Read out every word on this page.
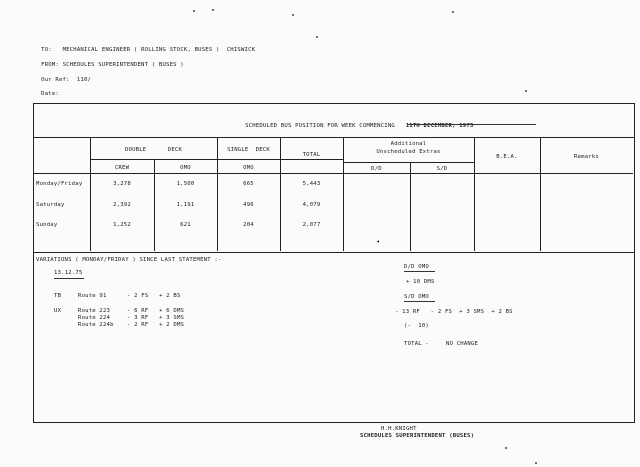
TO: MECHANICAL ENGINEER ( ROLLING STOCK, BUSES )  CHISWICK

FROM: SCHEDULES SUPERINTENDENT ( BUSES )

Our Ref: 110/

Date:

SCHEDULED BUS POSITION FOR WEEK COMMENCING 11TH DECEMBER, 1975

DOUBLE      DECK	SINGLE  DECK
TOTAL
Additional
Unscheduled Extras
B.E.A.	Remarks
CREW	OMO	OMO	D/D	S/D
Monday/Friday	3,278	1,500	665	5,443
Saturday	2,392	1,191	496	4,079
Sunday	1,252	621	204	2,077
◂
VARIATIONS ( MONDAY/FRIDAY ) SINCE LAST STATEMENT :-
13.12.75
TB	Route 91	- 2 FS   + 2 BS
UX	Route 223	- 6 RF   + 6 DMS
Route 224	- 3 RF   + 3 SMS
Route 224b - 2 RF   + 2 DMS
D/D OMO
+ 10 DMS
S/D OMO
- 13 RF   - 2 FS  + 3 SMS  + 2 BS
(-  10)
TOTAL -	NO CHANGE
H.H.KNIGHT
SCHEDULES SUPERINTENDENT (BUSES)
